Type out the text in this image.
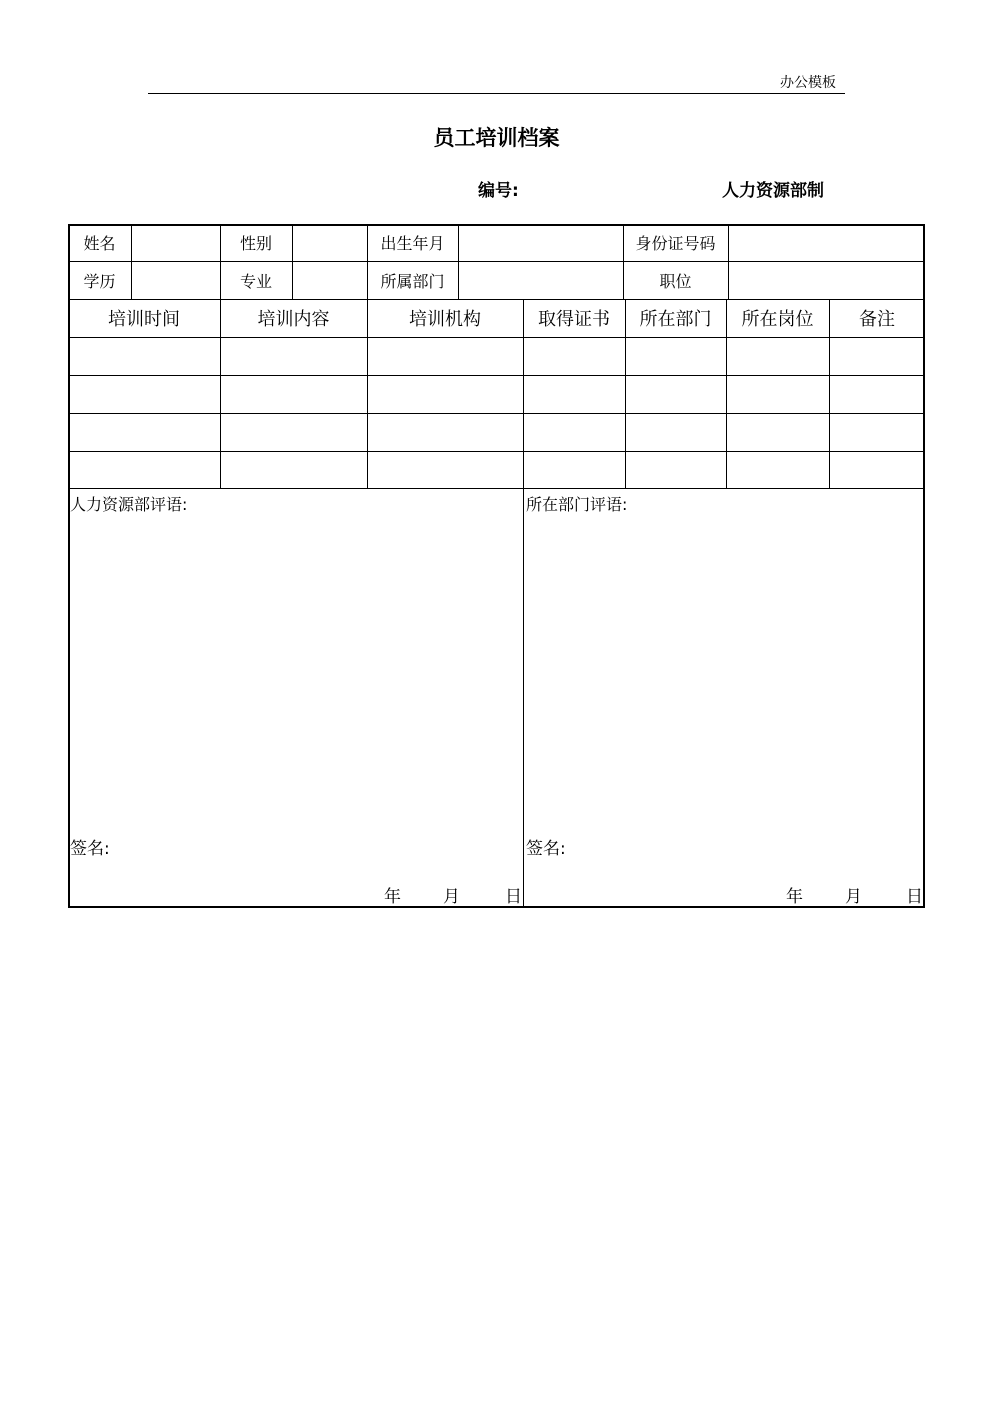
办公模板
员工培训档案
编号:	人力资源部制
姓名	性别	出生年月	身份证号码
学历	专业	所属部门	职位
培训时间	培训内容	培训机构	取得证书	所在部门	所在岗位	备注
人力资源部评语:
签名:
年 月	日
所在部门评语:
签名:
年 月	日
